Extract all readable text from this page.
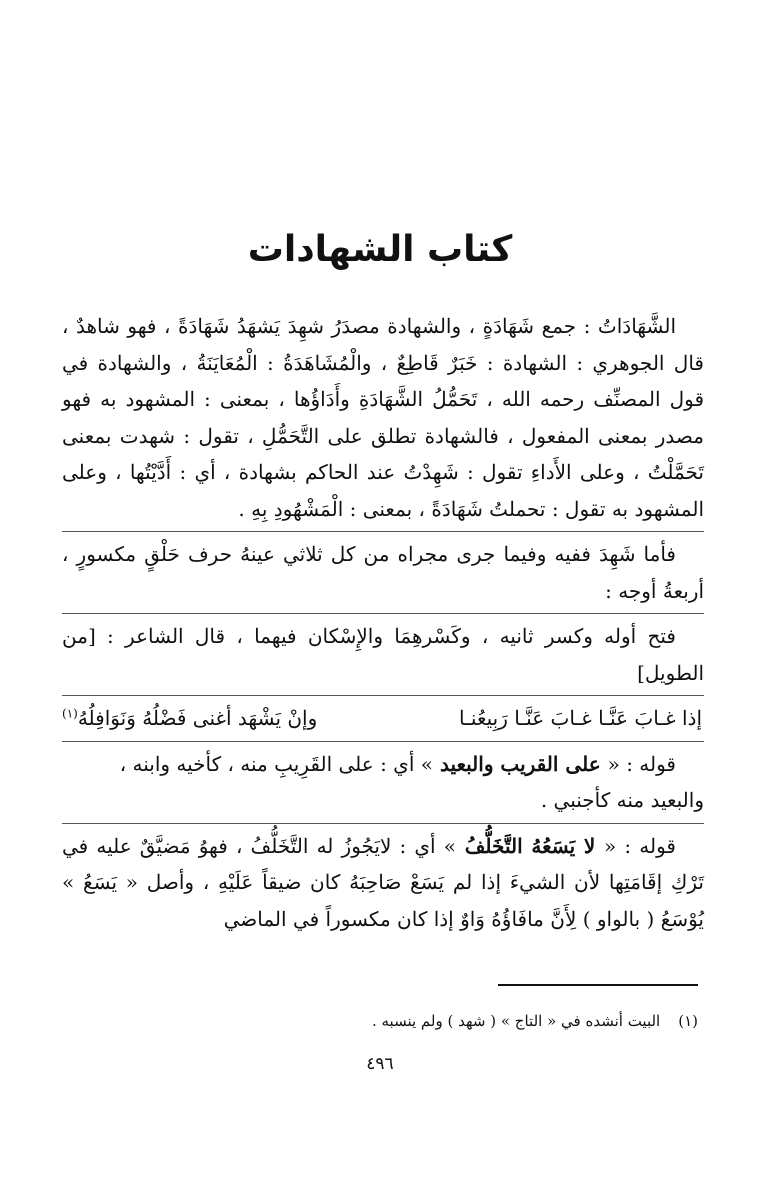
كتاب الشهادات

الشَّهَادَاتُ : جمع شَهَادَةٍ ، والشهادة مصدَرُ شهِدَ يَشهَدُ شَهَادَةً ، فهو شاهدٌ ، قال الجوهري : الشهادة : خَبَرٌ قَاطِعٌ ، والْمُشَاهَدَةُ : الْمُعَايَنَةُ ، والشهادة في قول المصنِّف رحمه الله ، تَحَمُّلُ الشَّهَادَةِ وأَدَاؤُها ، بمعنى : المشهود به فهو مصدر بمعنى المفعول ، فالشهادة تطلق على التَّحَمُّلِ ، تقول : شهدت بمعنى تَحَمَّلْتُ ، وعلى الأَداءِ تقول : شَهِدْتُ عند الحاكم بشهادة ، أي : أَدَّيْتُها ، وعلى المشهود به تقول : تحملتُ شَهَادَةً ، بمعنى : الْمَشْهُودِ بِهِ .

فأما شَهِدَ ففيه وفيما جرى مجراه من كل ثلاثي عينهُ حرف حَلْقٍ مكسورٍ ، أربعةُ أوجه :

فتح أوله وكسر ثانيه ، وكَسْرهِمَا والإِسْكان فيهما ، قال الشاعر : [من الطويل]

إذا غـابَ عَنَّـا غـابَ عَنَّـا رَبِيعُنـا
وإنْ يَشْهَد أغنى فَضْلُهُ وَنَوَافِلُهُ$^{(١)}$

قوله : « على القريب والبعيد » أي : على القَرِيبِ منه ، كأخيه وابنه ،

والبعيد منه كأجنبي .

قوله : « لا يَسَعُهُ التَّخَلُّفُ » أي : لايَجُوزُ له التَّخَلُّفُ ، فهوُ مَضيَّقٌ عليه في تَرْكِ إقَامَتِها لأن الشيءَ إذا لم يَسَعْ صَاحِبَهُ كان ضيقاً عَلَيْهِ ، وأصل « يَسَعُ » يُوْسَعُ ( بالواو ) لِأَنَّ مافَاؤُهُ وَاوٌ إذا كان مكسوراً في الماضي

(١)البيت أنشده في « التاج » ( شهد ) ولم ينسبه .
٤٩٦
